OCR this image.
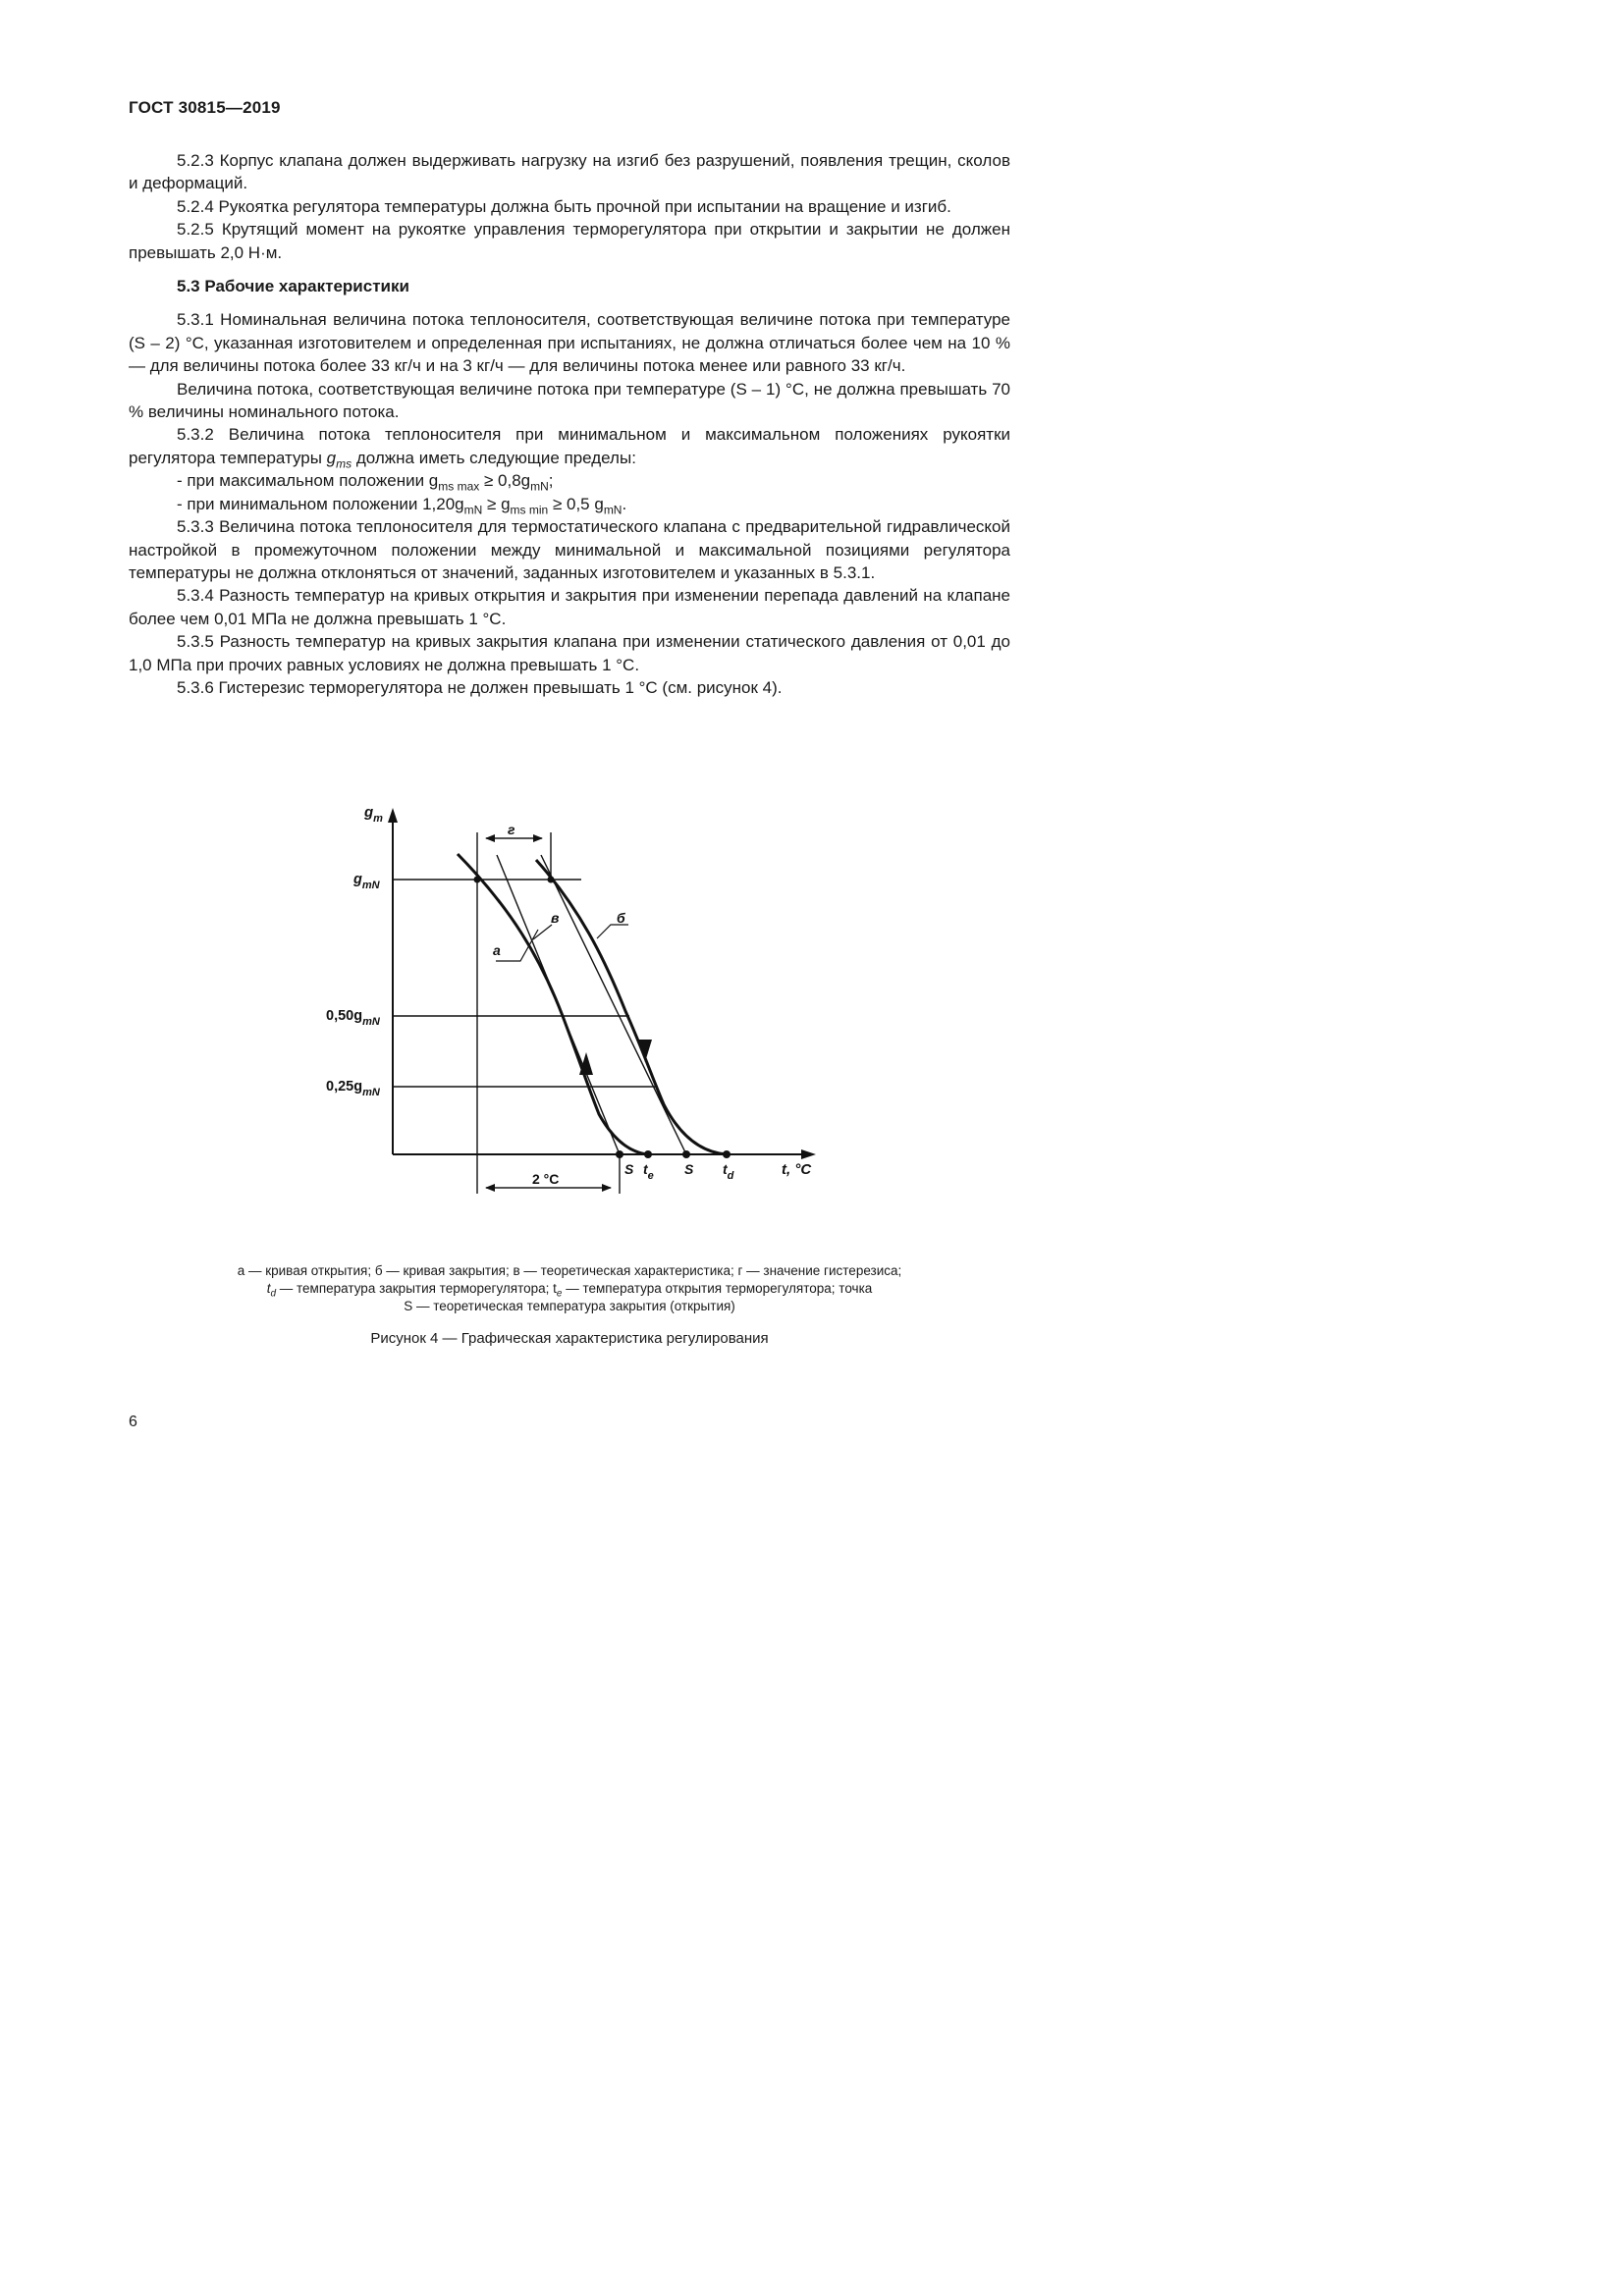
ГОСТ 30815—2019

5.2.3 Корпус клапана должен выдерживать нагрузку на изгиб без разрушений, появления трещин, сколов и деформаций.

5.2.4 Рукоятка регулятора температуры должна быть прочной при испытании на вращение и изгиб.

5.2.5 Крутящий момент на рукоятке управления терморегулятора при открытии и закрытии не должен превышать 2,0 Н·м.

5.3 Рабочие характеристики

5.3.1 Номинальная величина потока теплоносителя, соответствующая величине потока при температуре (S – 2) °C, указанная изготовителем и определенная при испытаниях, не должна отличаться более чем на 10 % — для величины потока более 33 кг/ч и на 3 кг/ч — для величины потока менее или равного 33 кг/ч.

Величина потока, соответствующая величине потока при температуре (S – 1) °C, не должна превышать 70 % величины номинального потока.

5.3.2 Величина потока теплоносителя при минимальном и максимальном положениях рукоятки регулятора температуры $g_{ms}$ должна иметь следующие пределы:

- при максимальном положении $g_{ms max} \ge 0,8g_{mN}$;

- при минимальном положении $1,20g_{mN} \ge g_{ms min} \ge 0,5$ $g_{mN}$.

5.3.3 Величина потока теплоносителя для термостатического клапана с предварительной гидравлической настройкой в промежуточном положении между минимальной и максимальной позициями регулятора температуры не должна отклоняться от значений, заданных изготовителем и указанных в 5.3.1.

5.3.4 Разность температур на кривых открытия и закрытия при изменении перепада давлений на клапане более чем 0,01 МПа не должна превышать 1 °C.

5.3.5 Разность температур на кривых закрытия клапана при изменении статического давления от 0,01 до 1,0 МПа при прочих равных условиях не должна превышать 1 °C.

5.3.6 Гистерезис терморегулятора не должен превышать 1 °C (см. рисунок 4).

$g_m$
$g_{mN}$
$0,50g_{mN}$
$0,25g_{mN}$
t, °C
г
а
в	б
2 °C
S $t_e$ S $t_d$
а — кривая открытия; б — кривая закрытия; в — теоретическая характеристика; г — значение гистерезиса;
$t_d$ — температура закрытия терморегулятора; $t_e$ — температура открытия терморегулятора; точка
S — теоретическая температура закрытия (открытия)
Рисунок 4 — Графическая характеристика регулирования
6
